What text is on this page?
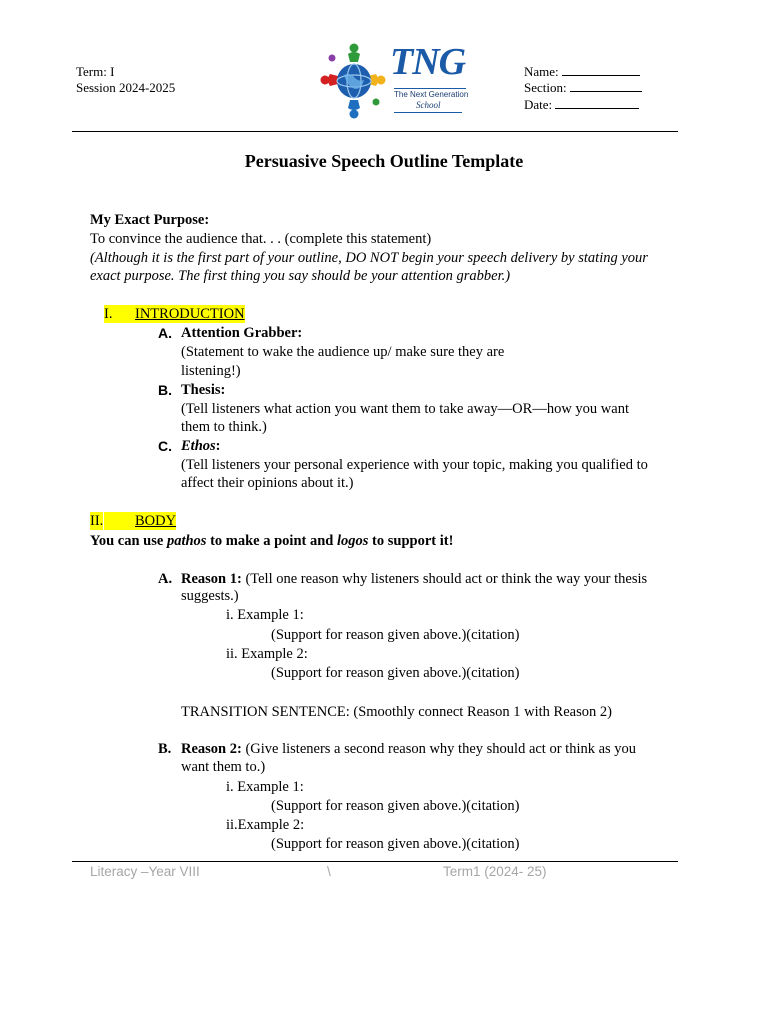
Term: I
Session 2024-2025
TNG
The Next Generation
School
Name:
Section:
Date:
Persuasive Speech Outline Template
My Exact Purpose:
To convince the audience that. . . (complete this statement)
(Although it is the first part of your outline, DO NOT begin your speech delivery by stating your
exact purpose. The first thing you say should be your attention grabber.)
I. INTRODUCTION
A. Attention Grabber:
(Statement to wake the audience up/ make sure they are
listening!)
B. Thesis:
(Tell listeners what action you want them to take away—OR—how you want
them to think.)
C. Ethos:
(Tell listeners your personal experience with your topic, making you qualified to
affect their opinions about it.)
II. BODY
You can use pathos to make a point and logos to support it!
A. Reason 1: (Tell one reason why listeners should act or think the way your thesis
suggests.)
i. Example 1:
(Support for reason given above.)(citation)
ii. Example 2:
(Support for reason given above.)(citation)
TRANSITION SENTENCE: (Smoothly connect Reason 1 with Reason 2)
B. Reason 2: (Give listeners a second reason why they should act or think as you
want them to.)
i. Example 1:
(Support for reason given above.)(citation)
ii.Example 2:
(Support for reason given above.)(citation)
Literacy –Year VIII	\	Term1 (2024- 25)
